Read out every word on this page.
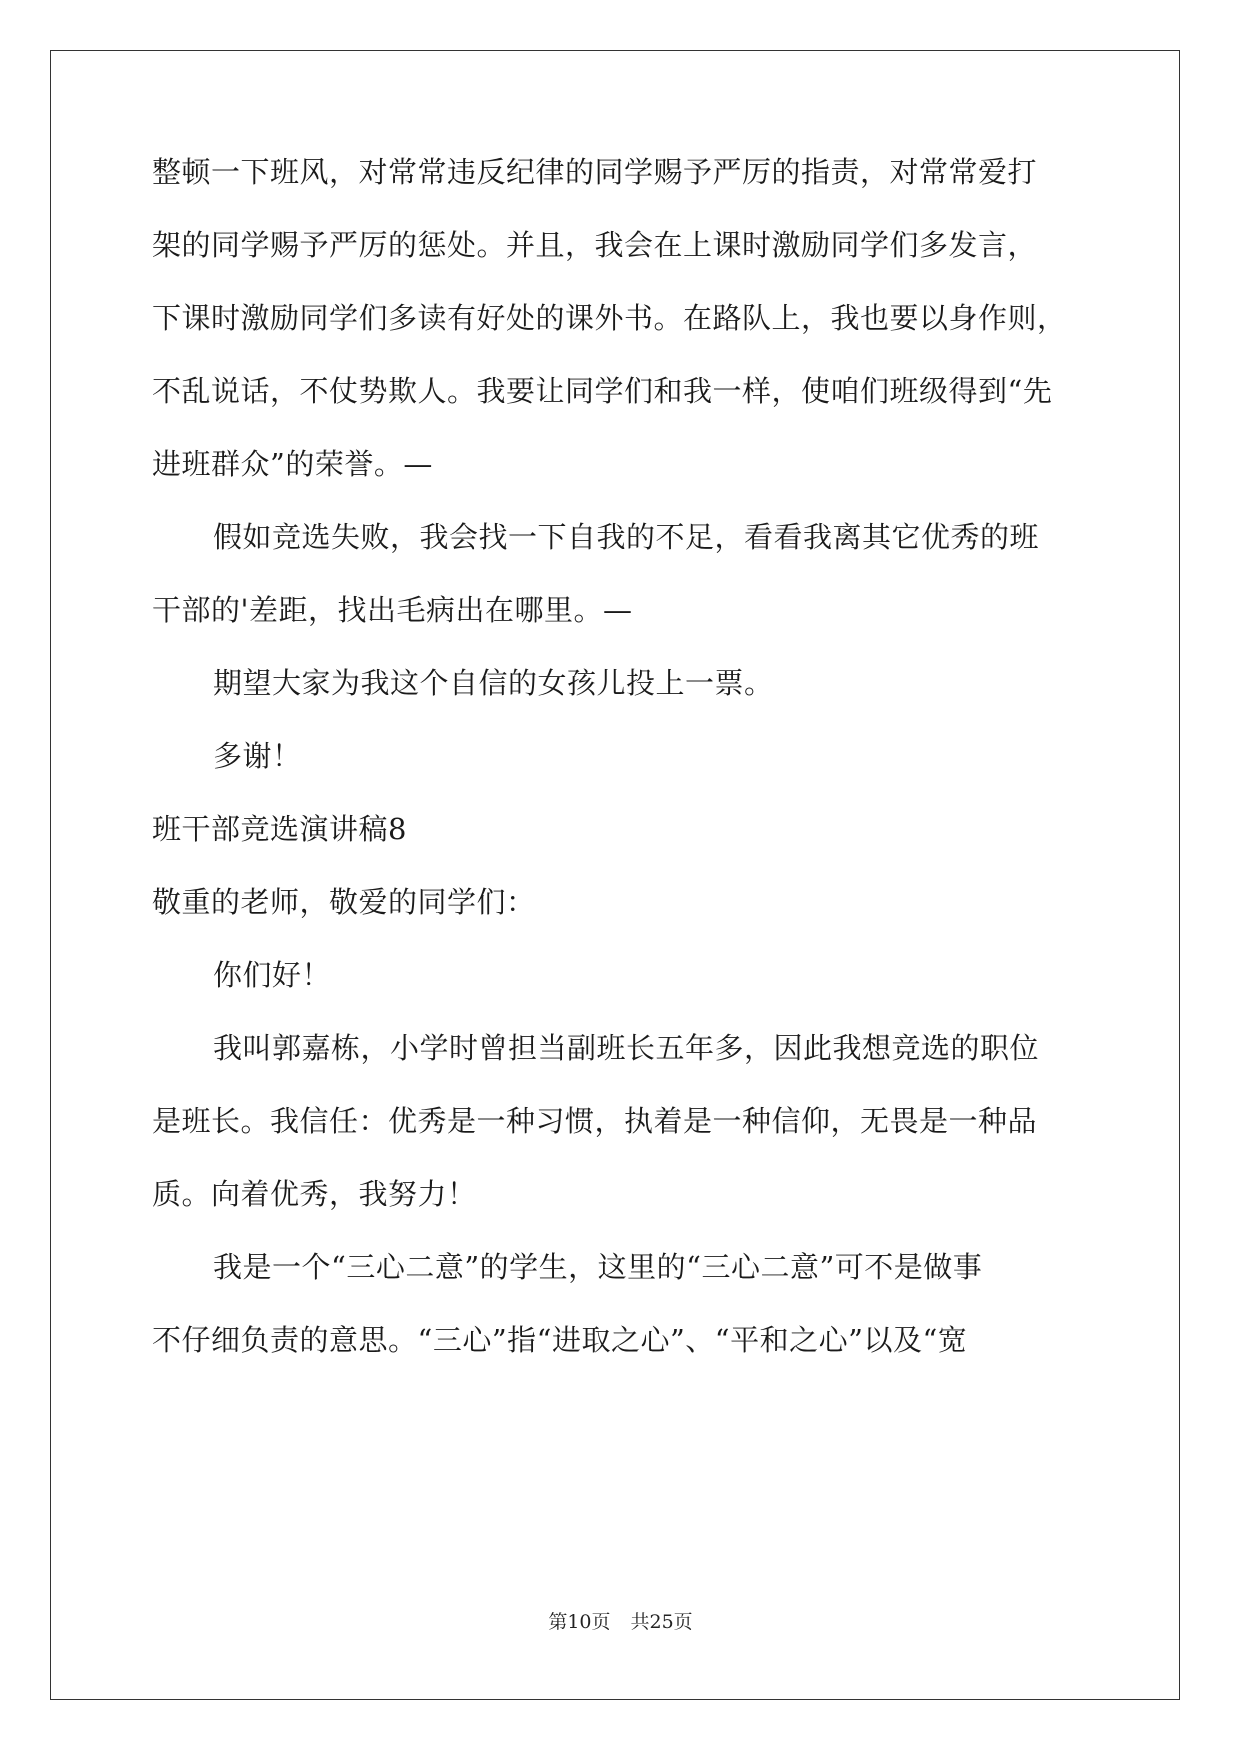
整顿一下班风，对常常违反纪律的同学赐予严厉的指责，对常常爱打
架的同学赐予严厉的惩处。并且，我会在上课时激励同学们多发言，
下课时激励同学们多读有好处的课外书。在路队上，我也要以身作则，
不乱说话，不仗势欺人。我要让同学们和我一样，使咱们班级得到“先
进班群众”的荣誉。—
假如竞选失败，我会找一下自我的不足，看看我离其它优秀的班
干部的'差距，找出毛病出在哪里。—
期望大家为我这个自信的女孩儿投上一票。
多谢！
班干部竞选演讲稿8
敬重的老师，敬爱的同学们：
你们好！
我叫郭嘉栋，小学时曾担当副班长五年多，因此我想竞选的职位
是班长。我信任：优秀是一种习惯，执着是一种信仰，无畏是一种品
质。向着优秀，我努力！
我是一个“三心二意”的学生，这里的“三心二意”可不是做事
不仔细负责的意思。“三心”指“进取之心”、“平和之心”以及“宽
第10页 共25页
